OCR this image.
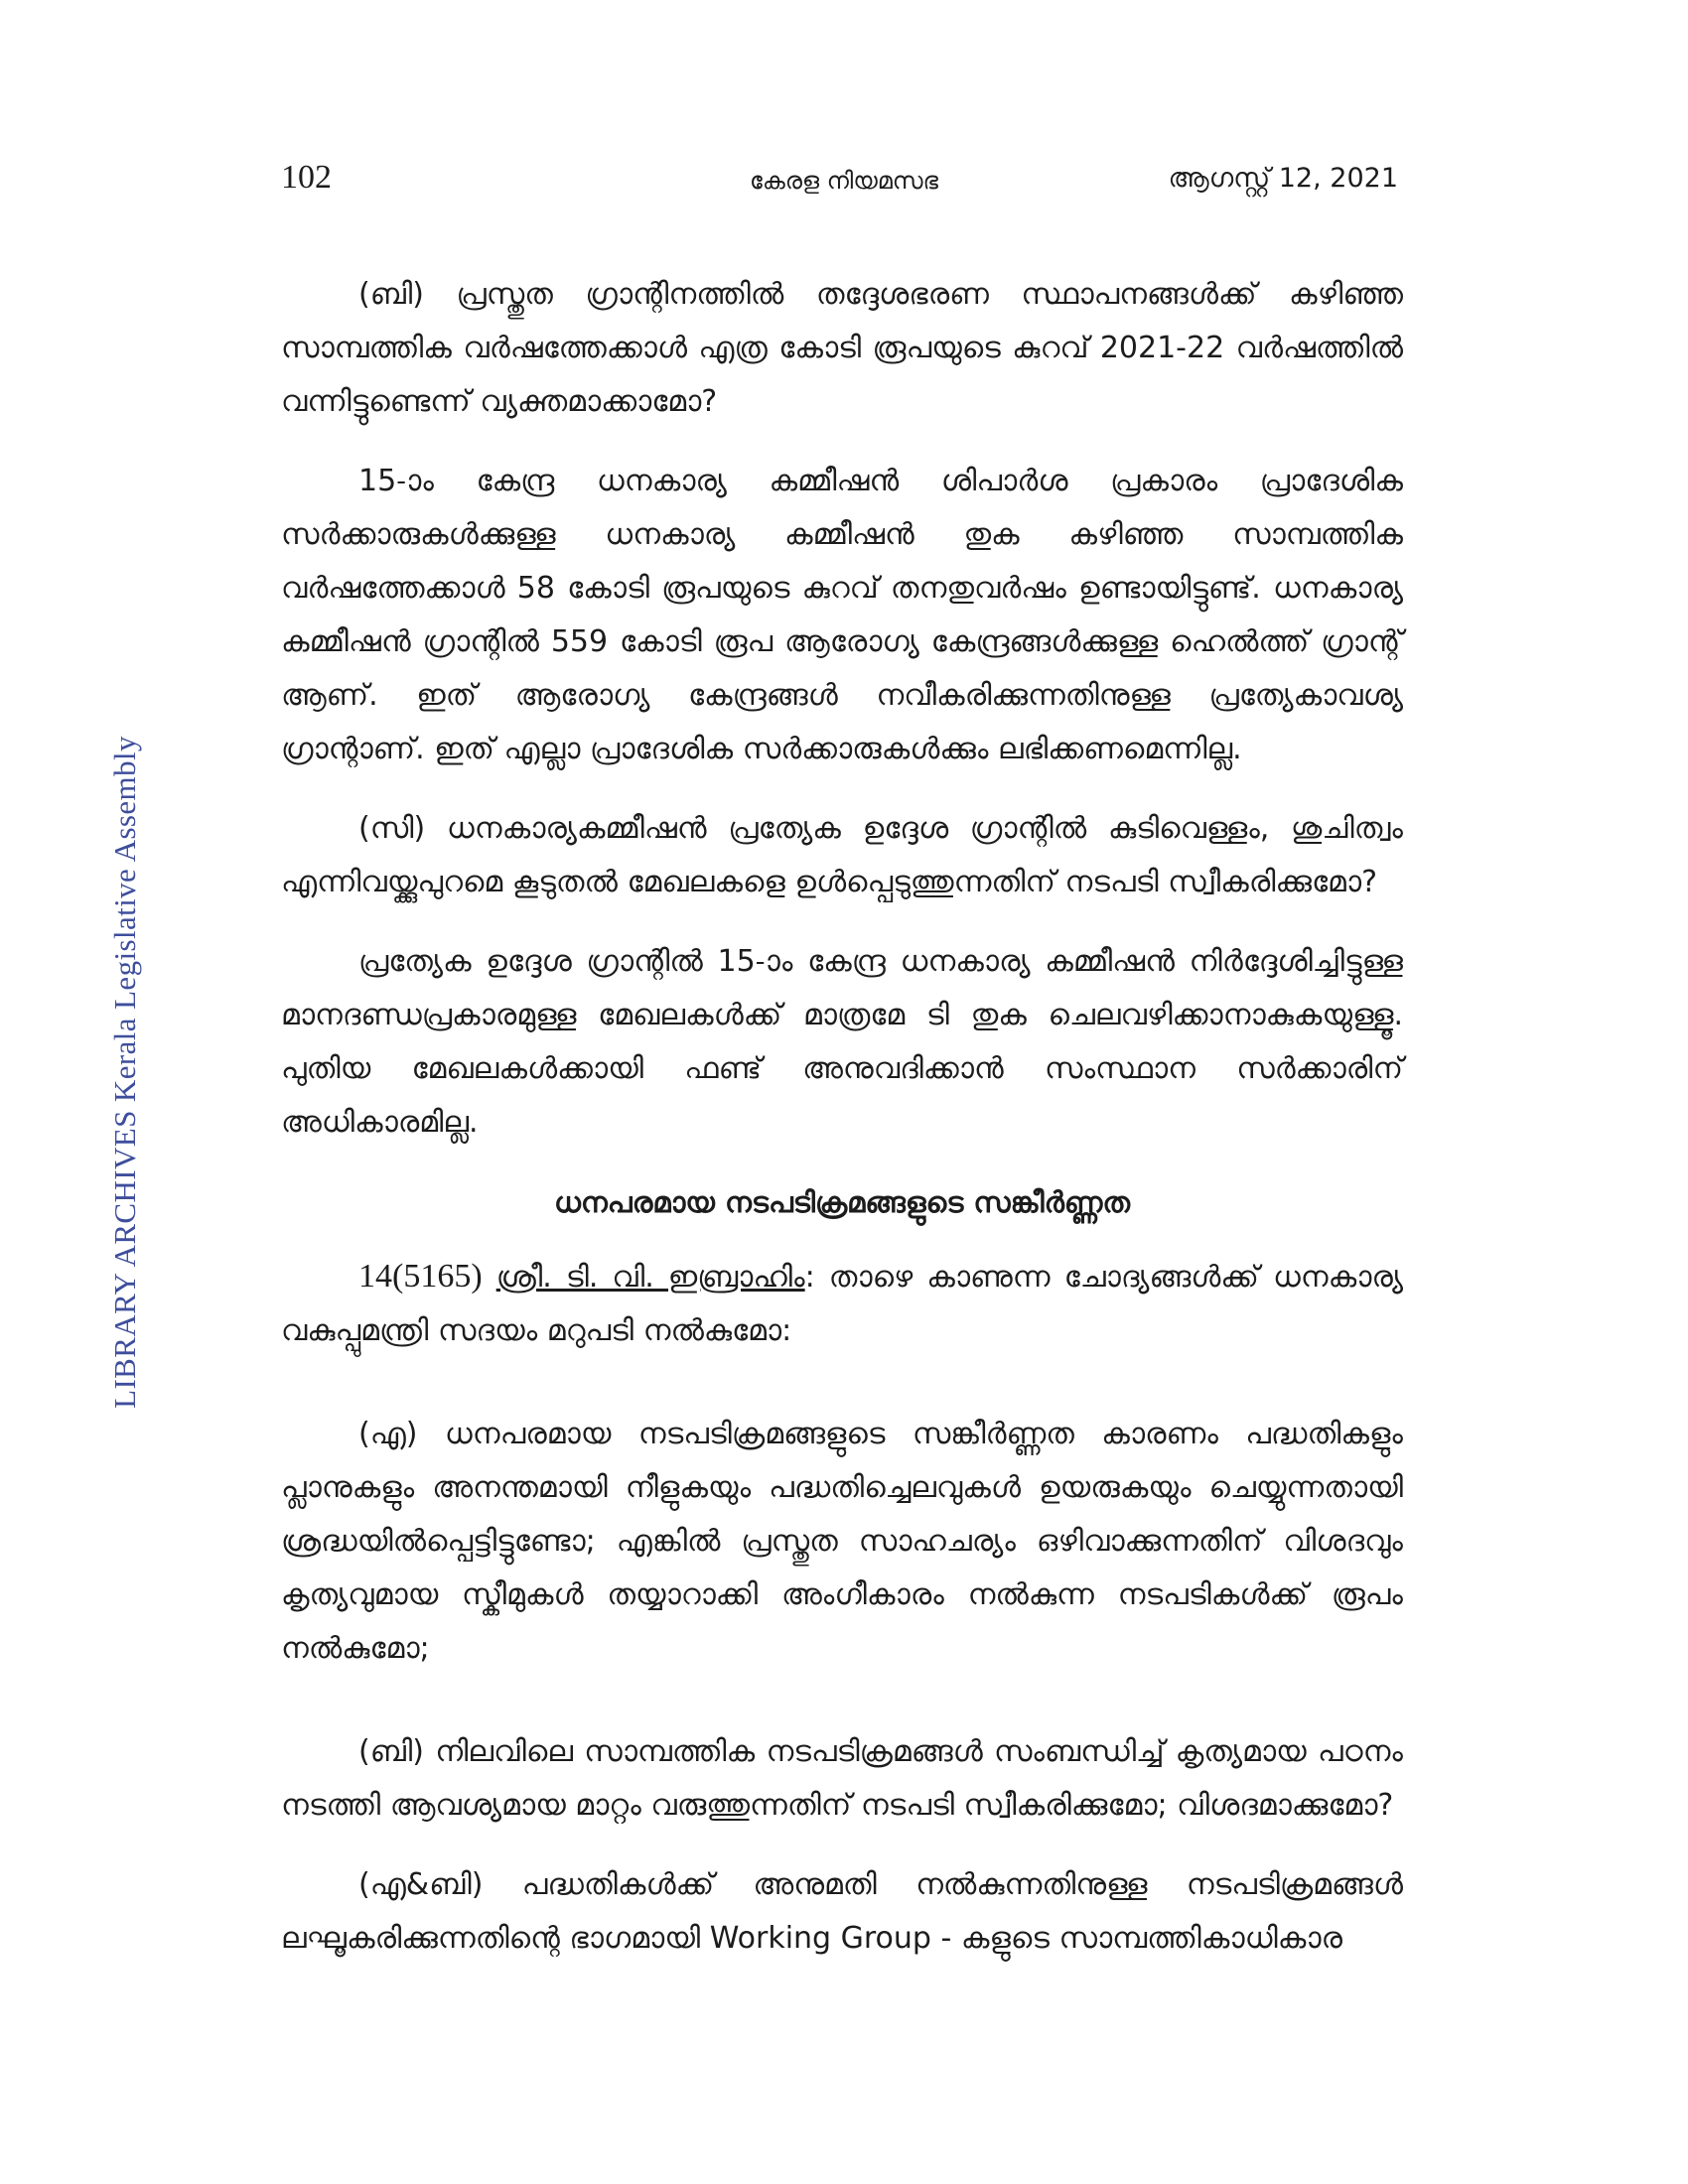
102	കേരള നിയമസഭ	ആഗസ്റ്റ് 12, 2021
LIBRARY ARCHIVES Kerala Legislative Assembly

(ബി) പ്രസ്തുത ഗ്രാന്റിനത്തിൽ തദ്ദേശഭരണ സ്ഥാപനങ്ങൾക്ക് കഴിഞ്ഞ സാമ്പത്തിക വർഷത്തേക്കാൾ എത്ര കോടി രൂപയുടെ കുറവ് 2021-22 വർഷത്തിൽ വന്നിട്ടുണ്ടെന്ന് വ്യക്തമാക്കാമോ?

15-ാം കേന്ദ്ര ധനകാര്യ കമ്മീഷൻ ശിപാർശ പ്രകാരം പ്രാദേശിക സർക്കാരുകൾക്കുള്ള ധനകാര്യ കമ്മീഷൻ തുക കഴിഞ്ഞ സാമ്പത്തിക വർഷത്തേക്കാൾ 58 കോടി രൂപയുടെ കുറവ് തനതുവർഷം ഉണ്ടായിട്ടുണ്ട്. ധനകാര്യ കമ്മീഷൻ ഗ്രാന്റിൽ 559 കോടി രൂപ ആരോഗ്യ കേന്ദ്രങ്ങൾക്കുള്ള ഹെൽത്ത് ഗ്രാന്റ് ആണ്. ഇത് ആരോഗ്യ കേന്ദ്രങ്ങൾ നവീകരിക്കുന്നതിനുള്ള പ്രത്യേകാവശ്യ ഗ്രാന്റാണ്. ഇത് എല്ലാ പ്രാദേശിക സർക്കാരുകൾക്കും ലഭിക്കണമെന്നില്ല.

(സി) ധനകാര്യകമ്മീഷൻ പ്രത്യേക ഉദ്ദേശ ഗ്രാന്റിൽ കുടിവെള്ളം, ശുചിത്വം എന്നിവയ്ക്കുപുറമെ കൂടുതൽ മേഖലകളെ ഉൾപ്പെടുത്തുന്നതിന് നടപടി സ്വീകരിക്കുമോ?

പ്രത്യേക ഉദ്ദേശ ഗ്രാന്റിൽ 15-ാം കേന്ദ്ര ധനകാര്യ കമ്മീഷൻ നിർദ്ദേശിച്ചിട്ടുള്ള മാനദണ്ഡപ്രകാരമുള്ള മേഖലകൾക്ക് മാത്രമേ ടി തുക ചെലവഴിക്കാനാകുകയുള്ളൂ. പുതിയ മേഖലകൾക്കായി ഫണ്ട് അനുവദിക്കാൻ സംസ്ഥാന സർക്കാരിന് അധികാരമില്ല.

ധനപരമായ നടപടിക്രമങ്ങളുടെ സങ്കീർണ്ണത

14(5165) ശ്രീ. ടി. വി. ഇബ്രാഹിം: താഴെ കാണുന്ന ചോദ്യങ്ങൾക്ക് ധനകാര്യ വകുപ്പുമന്ത്രി സദയം മറുപടി നൽകുമോ:

(എ) ധനപരമായ നടപടിക്രമങ്ങളുടെ സങ്കീർണ്ണത കാരണം പദ്ധതികളും പ്ലാനുകളും അനന്തമായി നീളുകയും പദ്ധതിച്ചെലവുകൾ ഉയരുകയും ചെയ്യുന്നതായി ശ്രദ്ധയിൽപ്പെട്ടിട്ടുണ്ടോ; എങ്കിൽ പ്രസ്തുത സാഹചര്യം ഒഴിവാക്കുന്നതിന് വിശദവും കൃത്യവുമായ സ്കീമുകൾ തയ്യാറാക്കി അംഗീകാരം നൽകുന്ന നടപടികൾക്ക് രൂപം നൽകുമോ;

(ബി) നിലവിലെ സാമ്പത്തിക നടപടിക്രമങ്ങൾ സംബന്ധിച്ച് കൃത്യമായ പഠനം നടത്തി ആവശ്യമായ മാറ്റം വരുത്തുന്നതിന് നടപടി സ്വീകരിക്കുമോ; വിശദമാക്കുമോ?

(എ&ബി) പദ്ധതികൾക്ക് അനുമതി നൽകുന്നതിനുള്ള നടപടിക്രമങ്ങൾ ലഘൂകരിക്കുന്നതിന്റെ ഭാഗമായി Working Group - കളുടെ സാമ്പത്തികാധികാര
